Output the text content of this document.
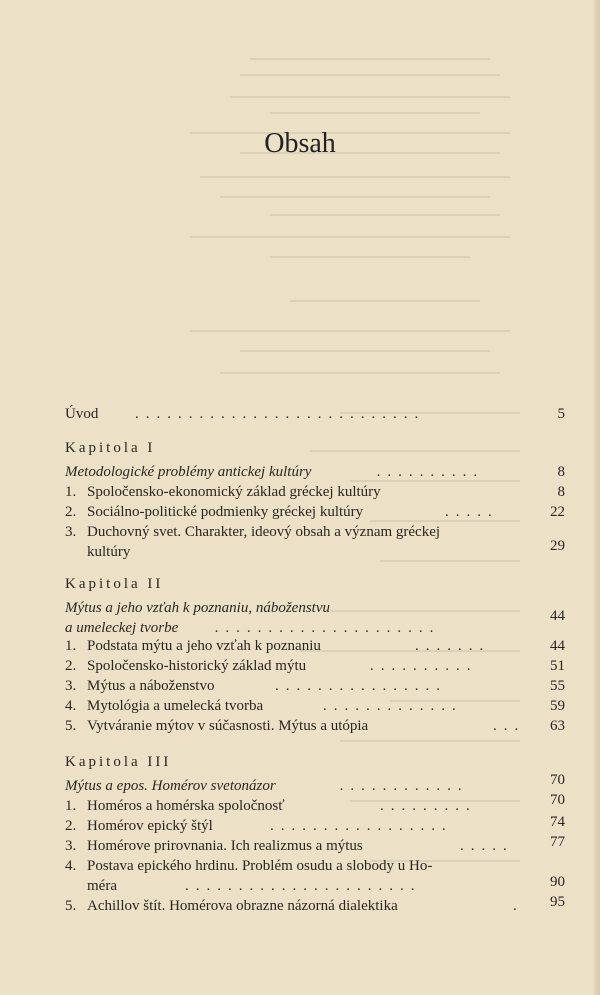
Obsah
Úvod ...........................	5
Kapitola I
Metodologické problémy antickej kultúry	..........	8
1. Spoločensko-ekonomický základ gréckej kultúry	8
2. Sociálno-politické podmienky gréckej kultúry	.....	22
3. Duchovný svet. Charakter, ideový obsah a význam gréckej
kultúry	29
Kapitola II
Mýtus a jeho vzťah k poznaniu, náboženstvu
a umeleckej tvorbe .....................
44
1. Podstata mýtu a jeho vzťah k poznaniu	.......	44
2. Spoločensko-historický základ mýtu	..........	51
3. Mýtus a náboženstvo	................	55
4. Mytológia a umelecká tvorba	.............	59
5. Vytváranie mýtov v súčasnosti. Mýtus a utópia	...	63
Kapitola III
Mýtus a epos. Homérov svetonázor	............	70
1. Homéros a homérska spoločnosť	.........	70
2. Homérov epický štýl	.................	74
3. Homérove prirovnania. Ich realizmus a mýtus	.....	77
4. Postava epického hrdinu. Problém osudu a slobody u Ho-
méra	......................	90
5. Achillov štít. Homérova obrazne názorná dialektika	.	95
